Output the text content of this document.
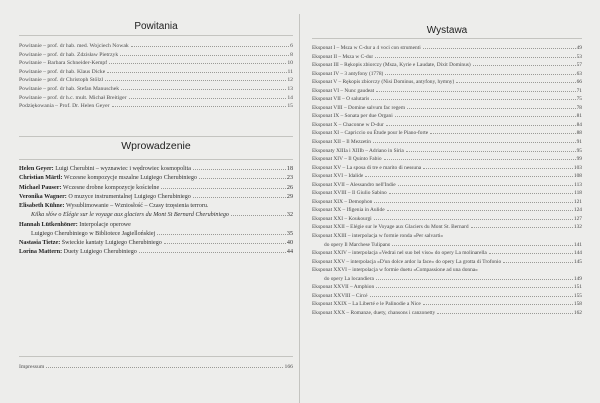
Powitania
Powitanie – prof. dr hab. med. Wojciech Nowak	6
Powitanie – prof. dr hab. Zdzisław Pietrzyk	8
Powitanie – Barbara Schneider-Kempf	10
Powitanie – prof. dr hab. Klaus Dicke	11
Powitanie – prof. dr Christoph Stölzl	12
Powitanie – prof. dr hab. Stefan Manuschek	13
Powitanie – prof. dr h.c. mult. Michał Breitiger	14
Podziękowania – Prof. Dr. Helen Geyer	15
Wprowadzenie
Helen Geyer: Luigi Cherubini – wyznawiec i wędrowiec kosmopolita	18
Christian Märtl: Wczesne kompozycje mszalne Luigiego Cherubiniego	23
Michael Pauser: Wczesne drobne kompozycje kościelne	26
Veronika Wagner: O muzyce instrumentalnej Luigiego Cherubiniego	29
Elisabeth Kühne: Wysublimowanie – Wzniosłość – Czasy trzęsienia terroru.
Kilka słów o Elégie sur le voyage aux glaciers du Mont St Bernard Cherubiniego	32
Hannah Lütkenhöner: Interpolacje operowe
Luigiego Cherubiniego w Bibliotece Jagiellońskiej	35
Nastasia Tietze: Świeckie kantaty Luigiego Cherubiniego	40
Lorina Mattern: Duety Luigiego Cherubiniego	44
Impressum	166
Wystawa
Eksponat I – Msza w C-dur a 4 voci con strumenti	49
Eksponat II – Msza w C-dur	53
Eksponat III – Rękopis zbiorczy (Msza, Kyrie e Laudate, Dixit Dominus)	57
Eksponat IV – 3 antyfony (1778)	63
Eksponat V – Rękopis zbiorczy (Nisi Dominus, antyfony, hymny)	66
Eksponat VI – Nunc gaudeat	71
Eksponat VII – O salutaris	75
Eksponat VIII – Domine salvum fac regem	78
Eksponat IX – Sonata per due Organi	81
Eksponat X – Chaconne w D-dur	84
Eksponat XI – Capriccio ou Étude pour le Piano-forte	88
Eksponat XII – Il Mezzetin	91
Eksponaty XIIIa i XIIIb – Adriano in Siria	95
Eksponat XIV – Il Quinto Fabio	99
Eksponat XV – La sposa di tre e marito di nessuna	103
Eksponat XVI – Idalide	108
Eksponat XVII – Alessandro nell'Indie	113
Eksponat XVIII – Il Giulio Sabino	118
Eksponat XIX – Demophon	121
Eksponat XX – Ifigenia in Aulide	124
Eksponat XXI – Koukourgi	127
Eksponat XXII – Elégie sur le Voyage aux Glaciers du Mont St. Bernard	132
Eksponat XXIII – interpolacja w formie ronda «Per salvarti»
do opery Il Marchese Tulipano	141
Eksponat XXIV – interpolacja «Vedrai nel suo bel viso» do opery La molinarella	144
Eksponat XXV – interpolacja «D'un dolce ardor la face» do opery La grotta di Trofonio	145
Eksponat XXVI – interpolacja w formie duetu «Compassione ad una donna»
do opery La locandiera	149
Eksponat XXVII – Amphion	151
Eksponat XXVIII – Circé	155
Eksponat XXIX – La Liberté e le Palinodie a Nice	158
Eksponat XXX – Romanze, duety, chansons i canzonetty	162
